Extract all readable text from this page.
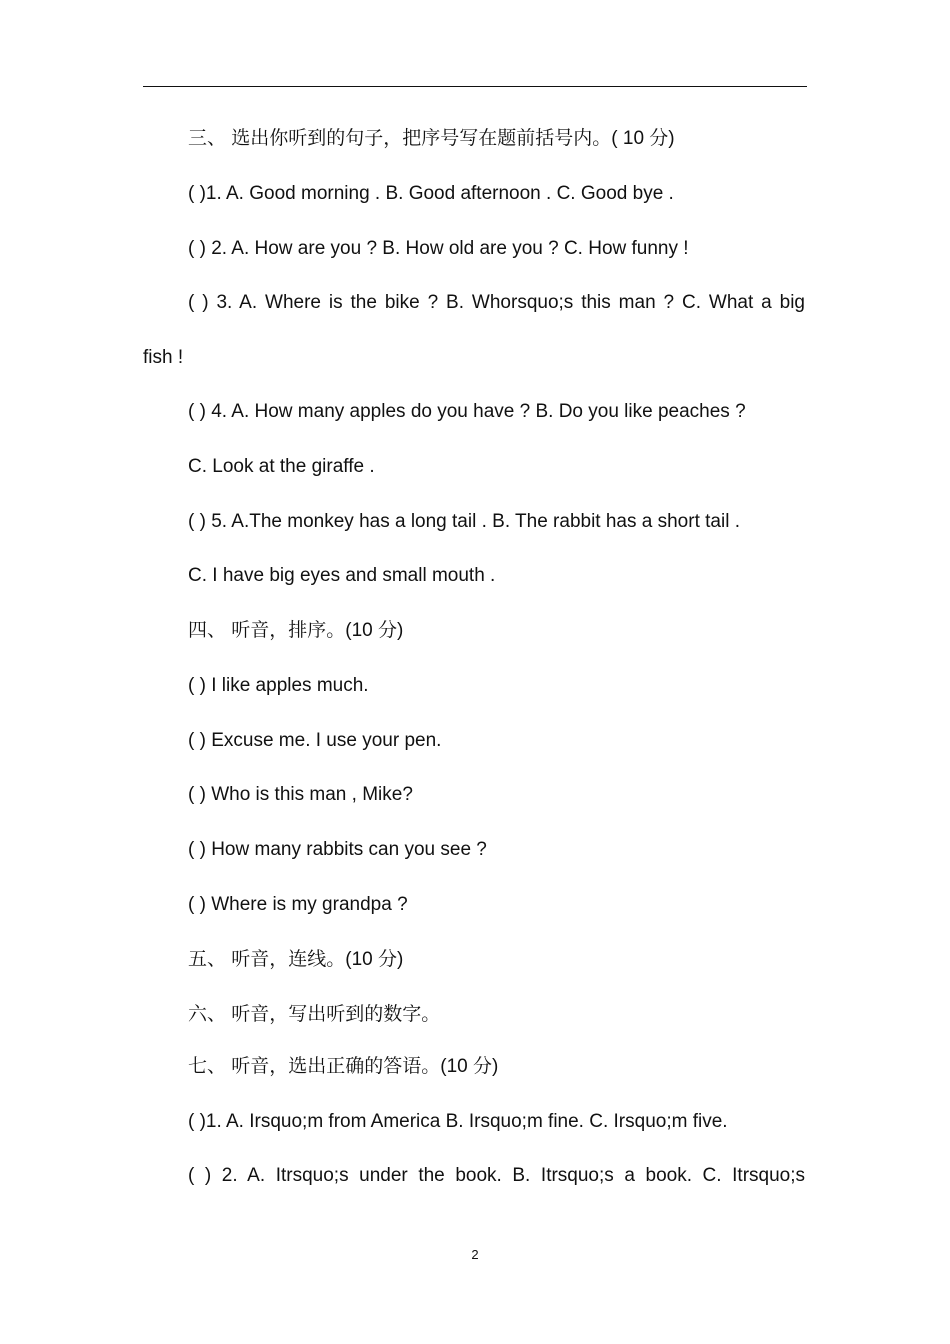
三、 选出你听到的句子，把序号写在题前括号内。( 10 分)
( )1. A. Good morning . B. Good afternoon . C. Good bye .
( ) 2. A. How are you ? B. How old are you ? C. How funny !
( ) 3. A. Where is the bike ? B. Whorsquo;s this man ? C. What a big
fish !
( ) 4. A. How many apples do you have ? B. Do you like peaches ?
C. Look at the giraffe .
( ) 5. A.The monkey has a long tail . B. The rabbit has a short tail .
C. I have big eyes and small mouth .
四、 听音，排序。(10 分)
( ) I like apples much.
( ) Excuse me. I use your pen.
( ) Who is this man , Mike?
( ) How many rabbits can you see ?
( ) Where is my grandpa ?
五、 听音，连线。(10 分)
六、 听音，写出听到的数字。
七、 听音，选出正确的答语。(10 分)
( )1. A. Irsquo;m from America B. Irsquo;m fine. C. Irsquo;m five.
( ) 2. A. Itrsquo;s under the book. B. Itrsquo;s a book. C. Itrsquo;s
2
